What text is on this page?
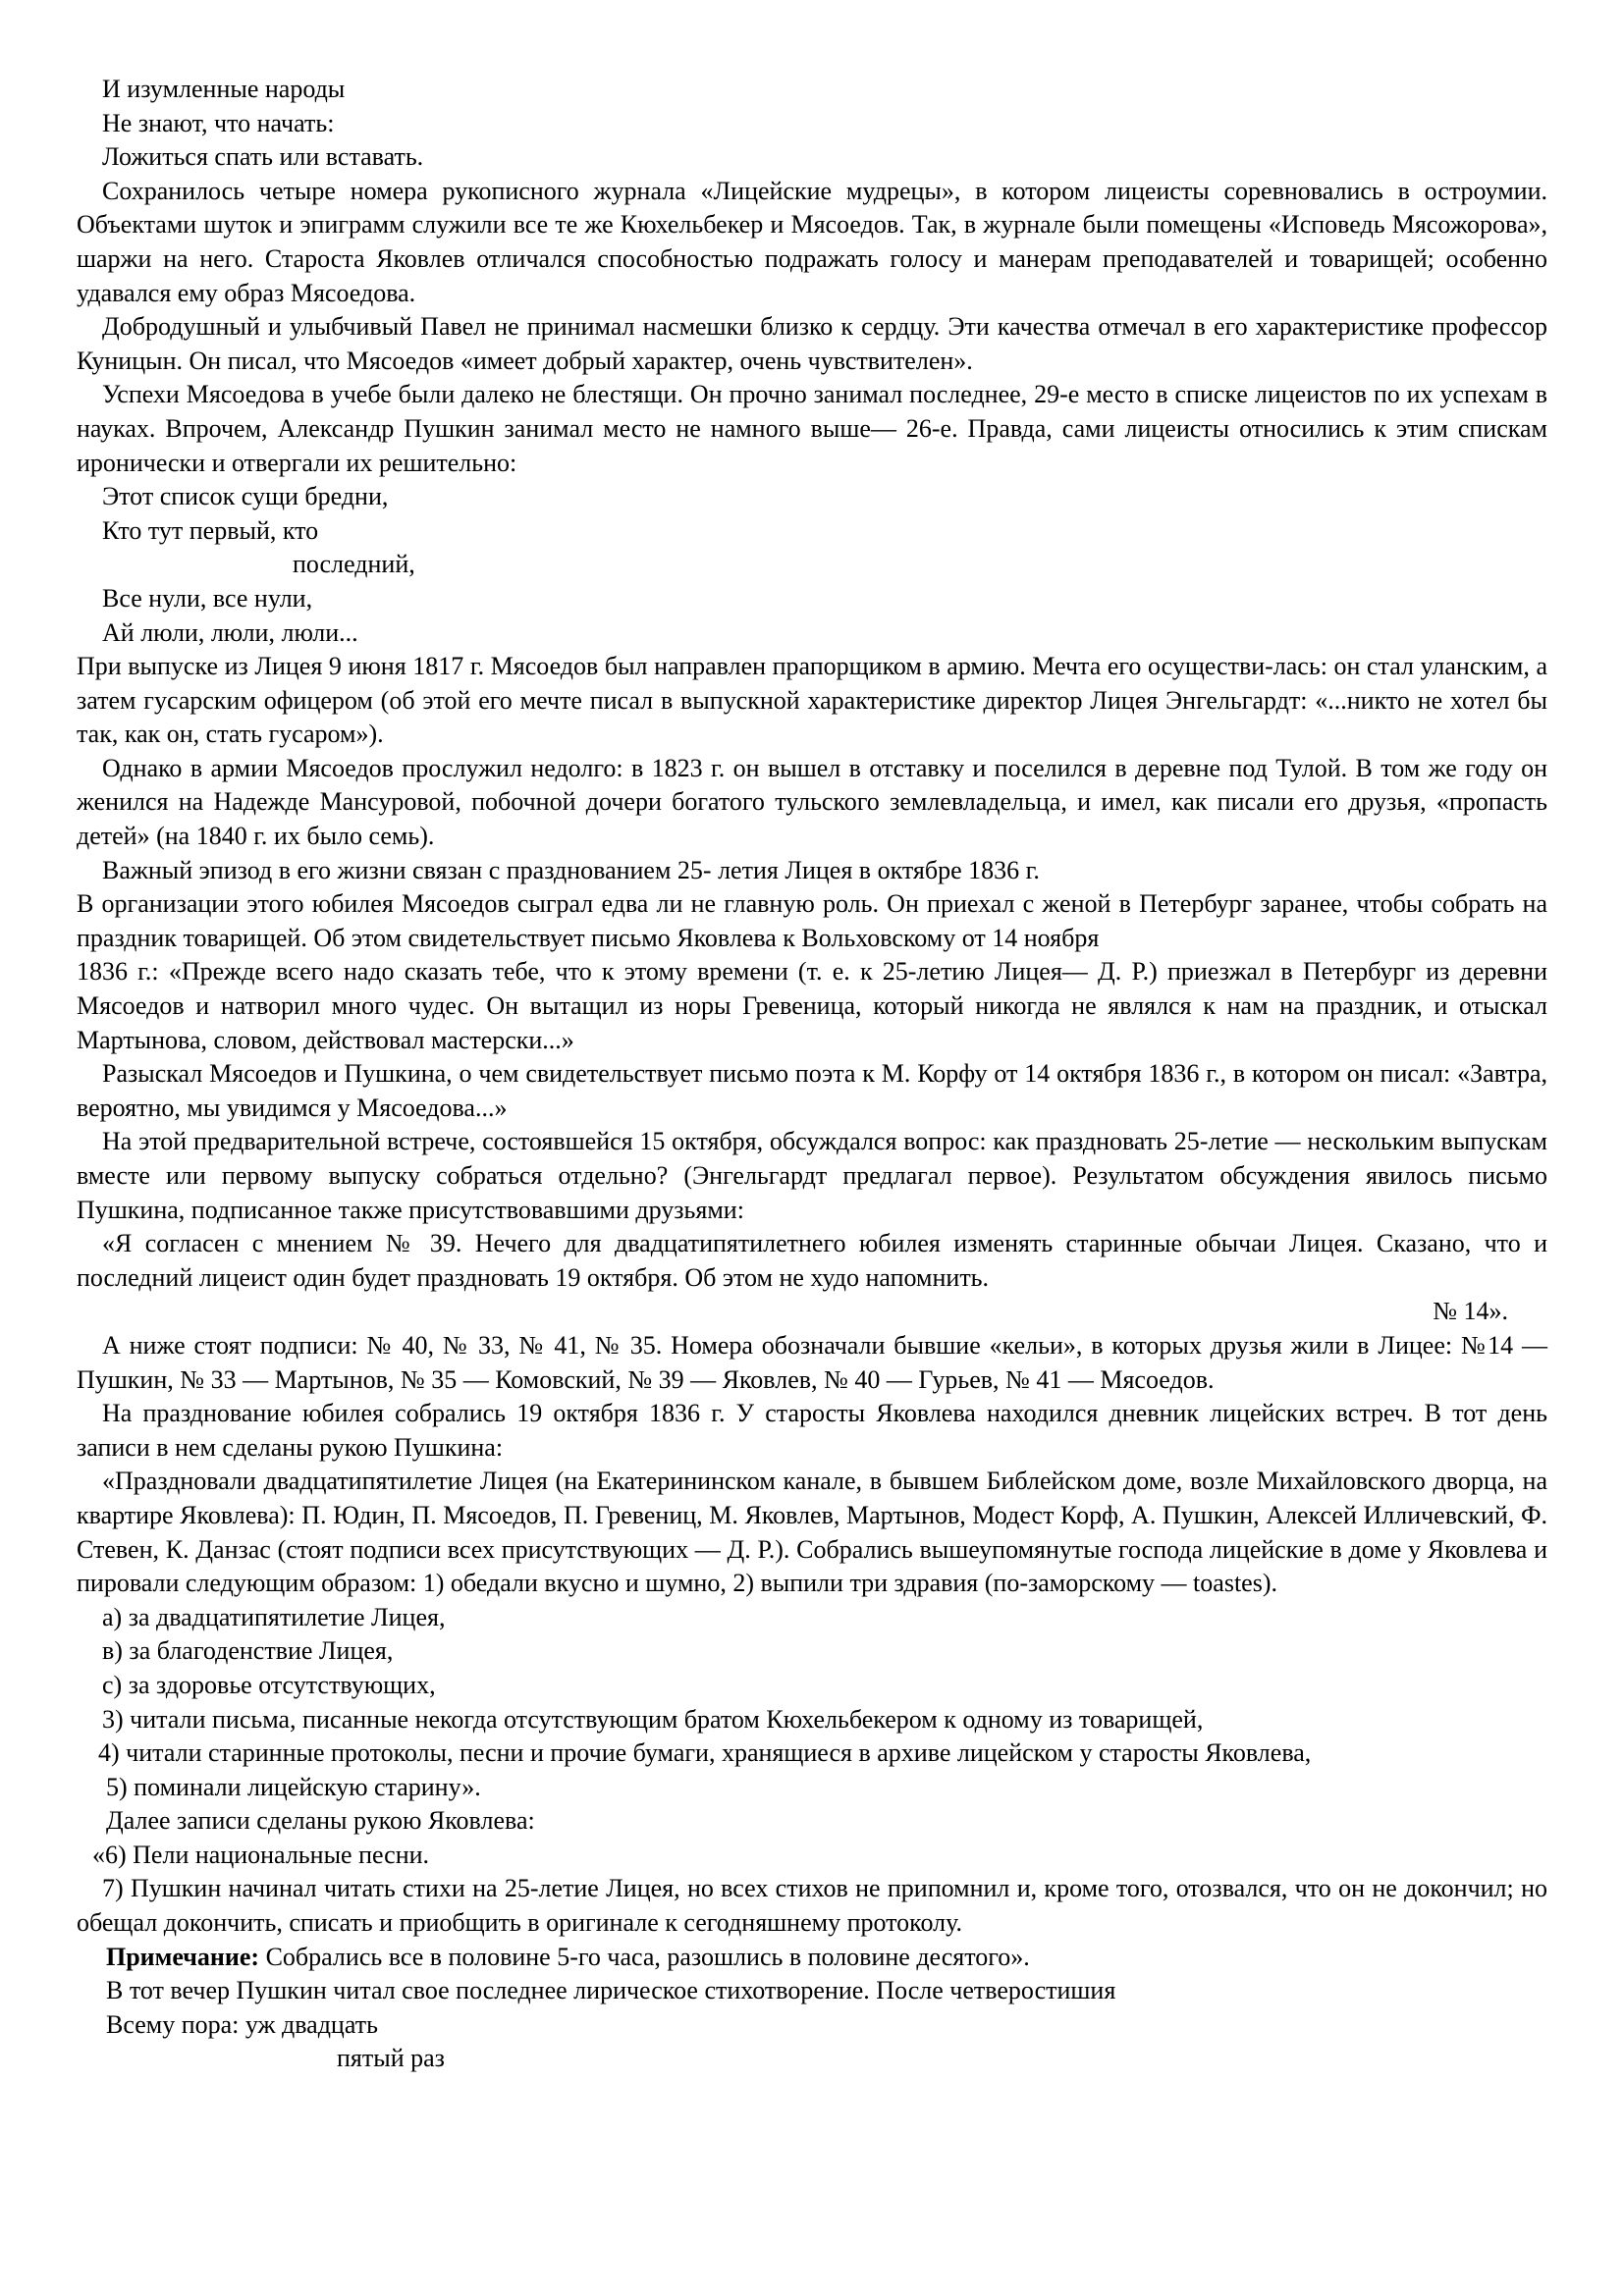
И изумленные народы

Не знают, что начать:

Ложиться спать или вставать.

Сохранилось четыре номера рукописного журнала «Лицейские мудрецы», в котором лицеисты соревновались в остроумии. Объектами шуток и эпиграмм служили все те же Кюхельбекер и Мясоедов. Так, в журнале были помещены «Исповедь Мясожорова», шаржи на него. Староста Яковлев отличался способностью подражать голосу и манерам преподавателей и товарищей; особенно удавался ему образ Мясоедова.

Добродушный и улыбчивый Павел не принимал насмешки близко к сердцу. Эти качества отмечал в его характеристике профессор Куницын. Он писал, что Мясоедов «имеет добрый характер, очень чувствителен».

Успехи Мясоедова в учебе были далеко не блестящи. Он прочно занимал последнее, 29-е место в списке лицеистов по их успехам в науках. Впрочем, Александр Пушкин занимал место не намного выше— 26-е. Правда, сами лицеисты относились к этим спискам иронически и отвергали их решительно:

Этот список сущи бредни,

Кто тут первый, кто

последний,

Все нули, все нули,

Ай люли, люли, люли...

При выпуске из Лицея 9 июня 1817 г. Мясоедов был направлен прапорщиком в армию. Мечта его осуществи-лась: он стал уланским, а затем гусарским офицером (об этой его мечте писал в выпускной характеристике директор Лицея Энгельгардт: «...никто не хотел бы так, как он, стать гусаром»).

Однако в армии Мясоедов прослужил недолго: в 1823 г. он вышел в отставку и поселился в деревне под Тулой. В том же году он женился на Надежде Мансуровой, побочной дочери богатого тульского землевладельца, и имел, как писали его друзья, «пропасть детей» (на 1840 г. их было семь).

Важный эпизод в его жизни связан с празднованием 25- летия Лицея в октябре 1836 г.

В организации этого юбилея Мясоедов сыграл едва ли не главную роль. Он приехал с женой в Петербург заранее, чтобы собрать на праздник товарищей. Об этом свидетельствует письмо Яковлева к Вольховскому от 14 ноября

1836 г.: «Прежде всего надо сказать тебе, что к этому времени (т. е. к 25-летию Лицея— Д. Р.) приезжал в Петербург из деревни Мясоедов и натворил много чудес. Он вытащил из норы Гревеница, который никогда не являлся к нам на праздник, и отыскал Мартынова, словом, действовал мастерски...»

Разыскал Мясоедов и Пушкина, о чем свидетельствует письмо поэта к М. Корфу от 14 октября 1836 г., в котором он писал: «Завтра, вероятно, мы увидимся у Мясоедова...»

На этой предварительной встрече, состоявшейся 15 октября, обсуждался вопрос: как праздновать 25-летие — нескольким выпускам вместе или первому выпуску собраться отдельно? (Энгельгардт предлагал первое). Результатом обсуждения явилось письмо Пушкина, подписанное также присутствовавшими друзьями:

«Я согласен с мнением № 39. Нечего для двадцатипятилетнего юбилея изменять старинные обычаи Лицея. Сказано, что и последний лицеист один будет праздновать 19 октября. Об этом не худо напомнить.

№ 14».

А ниже стоят подписи: № 40, № 33, № 41, № 35. Номера обозначали бывшие «кельи», в которых друзья жили в Лицее: №14 — Пушкин, № 33 — Мартынов, № 35 — Комовский, № 39 — Яковлев, № 40 — Гурьев, № 41 — Мясоедов.

На празднование юбилея собрались 19 октября 1836 г. У старосты Яковлева находился дневник лицейских встреч. В тот день записи в нем сделаны рукою Пушкина:

«Праздновали двадцатипятилетие Лицея (на Екатерининском канале, в бывшем Библейском доме, возле Михайловского дворца, на квартире Яковлева): П. Юдин, П. Мясоедов, П. Гревениц, М. Яковлев, Мартынов, Модест Корф, А. Пушкин, Алексей Илличевский, Ф. Стевен, К. Данзас (стоят подписи всех присутствующих — Д. Р.). Собрались вышеупомянутые господа лицейские в доме у Яковлева и пировали следующим образом: 1) обедали вкусно и шумно, 2) выпили три здравия (по-заморскому — toastes).

а) за двадцатипятилетие Лицея,

в) за благоденствие Лицея,

с) за здоровье отсутствующих,

3) читали письма, писанные некогда отсутствующим братом Кюхельбекером к одному из товарищей,

4) читали старинные протоколы, песни и прочие бумаги, хранящиеся в архиве лицейском у старосты Яковлева,

5) поминали лицейскую старину».

Далее записи сделаны рукою Яковлева:

«6) Пели национальные песни.

7) Пушкин начинал читать стихи на 25-летие Лицея, но всех стихов не припомнил и, кроме того, отозвался, что он не докончил; но обещал докончить, списать и приобщить в оригинале к сегодняшнему протоколу.

Примечание: Собрались все в половине 5-го часа, разошлись в половине десятого».

В тот вечер Пушкин читал свое последнее лирическое стихотворение. После четверостишия

Всему пора: уж двадцать

пятый раз
